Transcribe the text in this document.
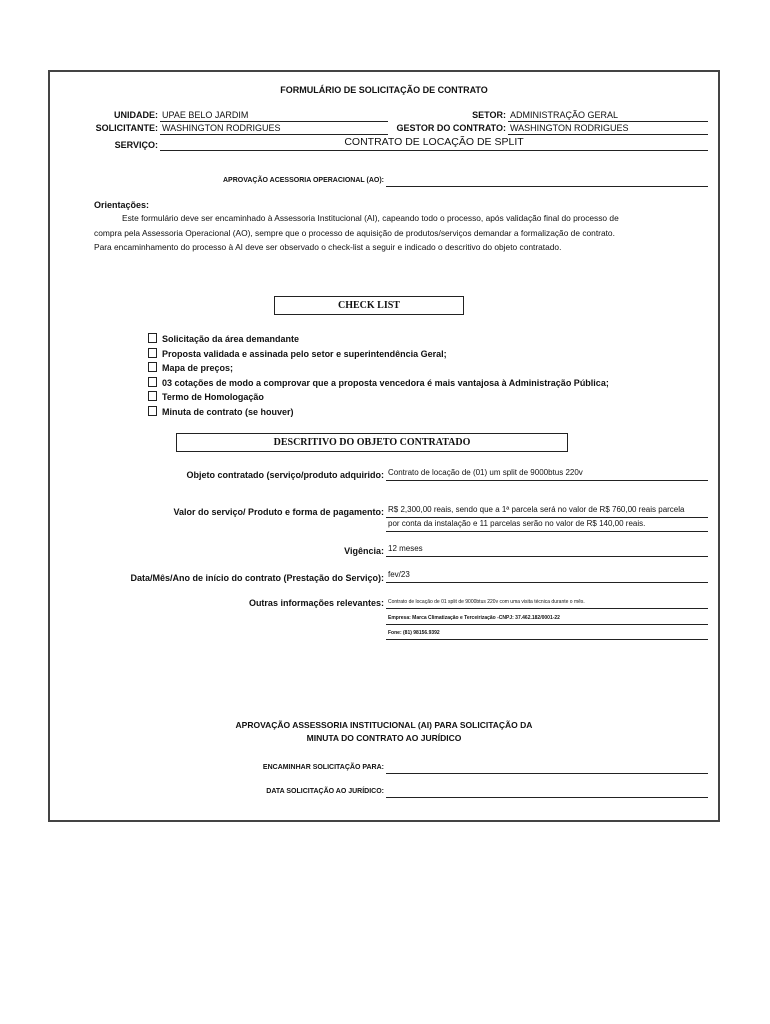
FORMULÁRIO DE SOLICITAÇÃO DE CONTRATO
UNIDADE: UPAE BELO JARDIM	SETOR: ADMINISTRAÇÃO GERAL
SOLICITANTE: WASHINGTON RODRIGUES	GESTOR DO CONTRATO: WASHINGTON RODRIGUES
SERVIÇO:	CONTRATO DE LOCAÇÃO DE SPLIT
APROVAÇÃO ACESSORIA OPERACIONAL (AO):
Orientações:
Este formulário deve ser encaminhado à Assessoria Institucional (AI), capeando todo o processo, após validação final do processo de
compra pela Assessoria Operacional (AO), sempre que o processo de aquisição de produtos/serviços demandar a formalização de contrato.
Para encaminhamento do processo à AI deve ser observado o check-list a seguir e indicado o descritivo do objeto contratado.
CHECK LIST
Solicitação da área demandante
Proposta validada e assinada pelo setor e superintendência Geral;
Mapa de preços;
03 cotações de modo a comprovar que a proposta vencedora é mais vantajosa à Administração Pública;
Termo de Homologação
Minuta de contrato (se houver)
DESCRITIVO DO OBJETO CONTRATADO
Objeto contratado (serviço/produto adquirido: Contrato de locação de (01) um split de 9000btus 220v
Valor do serviço/ Produto e forma de pagamento: R$ 2,300,00 reais, sendo que a 1ª parcela será no valor de R$ 760,00 reais parcela
por conta da instalação e 11 parcelas serão no valor de R$ 140,00 reais.
Vigência: 12 meses
Data/Mês/Ano de início do contrato (Prestação do Serviço): fev/23
Outras informações relevantes: Contrato de locação de 01 split de 9000btus 220v com uma visita técnica durante o mês.
Empresa: Marca Climatização e Terceirização -CNPJ: 37.462.182/0001-22
Fone: (81) 98156.9392
APROVAÇÃO ASSESSORIA INSTITUCIONAL (AI) PARA SOLICITAÇÃO DA
MINUTA DO CONTRATO AO JURÍDICO
ENCAMINHAR SOLICITAÇÃO PARA:
DATA SOLICITAÇÃO AO JURÍDICO:
